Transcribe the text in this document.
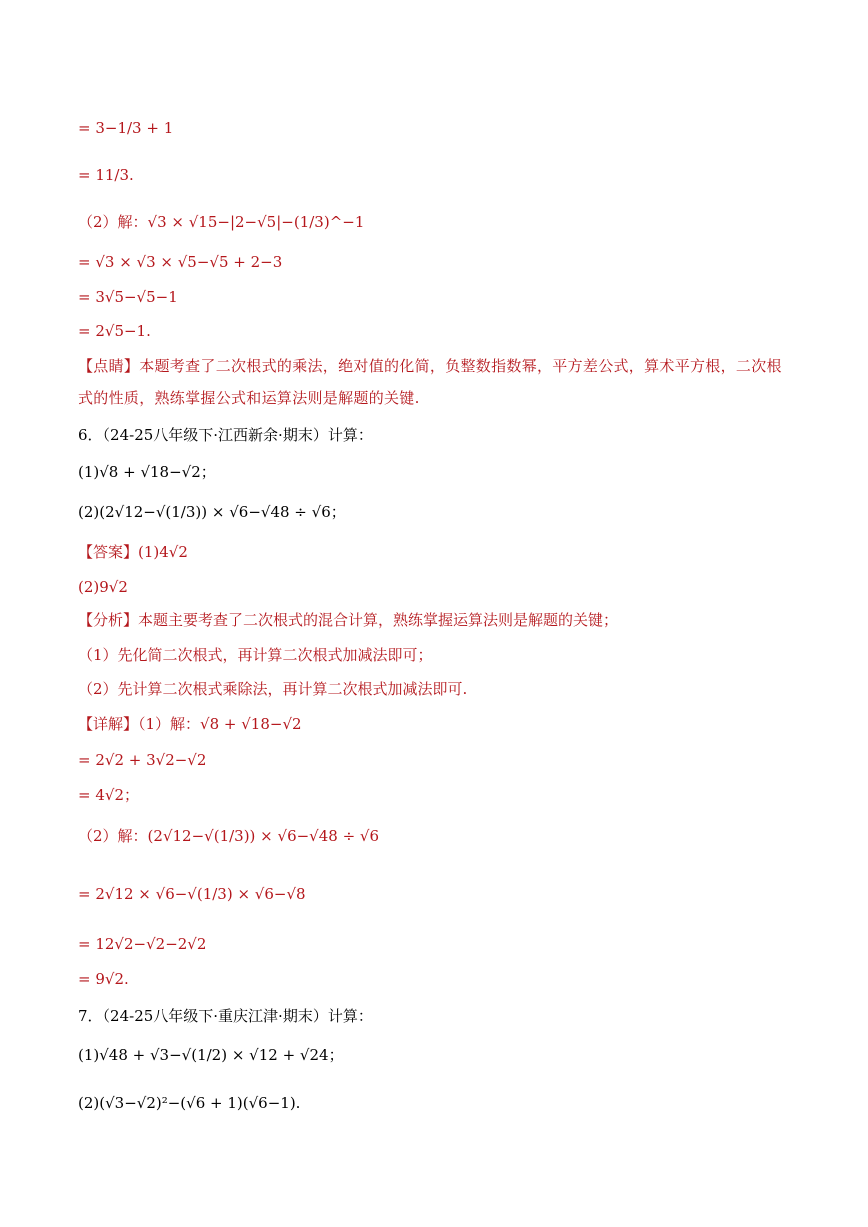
= 3−1/3 + 1
= 11/3.
（2）解：√3 × √15−|2−√5|−(1/3)^−1
= √3 × √3 × √5−√5 + 2−3
= 3√5−√5−1
= 2√5−1.
【点睛】本题考查了二次根式的乘法，绝对值的化简，负整数指数幂，平方差公式，算术平方根，二次根式的性质，熟练掌握公式和运算法则是解题的关键.
6．（24-25八年级下·江西新余·期末）计算：
(1)√8 + √18−√2；
(2)(2√12−√(1/3)) × √6−√48 ÷ √6；
【答案】(1)4√2
(2)9√2
【分析】本题主要考查了二次根式的混合计算，熟练掌握运算法则是解题的关键；
（1）先化简二次根式，再计算二次根式加减法即可；
（2）先计算二次根式乘除法，再计算二次根式加减法即可.
【详解】（1）解：√8 + √18−√2
= 2√2 + 3√2−√2
= 4√2；
（2）解：(2√12−√(1/3)) × √6−√48 ÷ √6
= 2√12 × √6−√(1/3) × √6−√8
= 12√2−√2−2√2
= 9√2.
7．（24-25八年级下·重庆江津·期末）计算：
(1)√48 + √3−√(1/2) × √12 + √24；
(2)(√3−√2)²−(√6 + 1)(√6−1).
